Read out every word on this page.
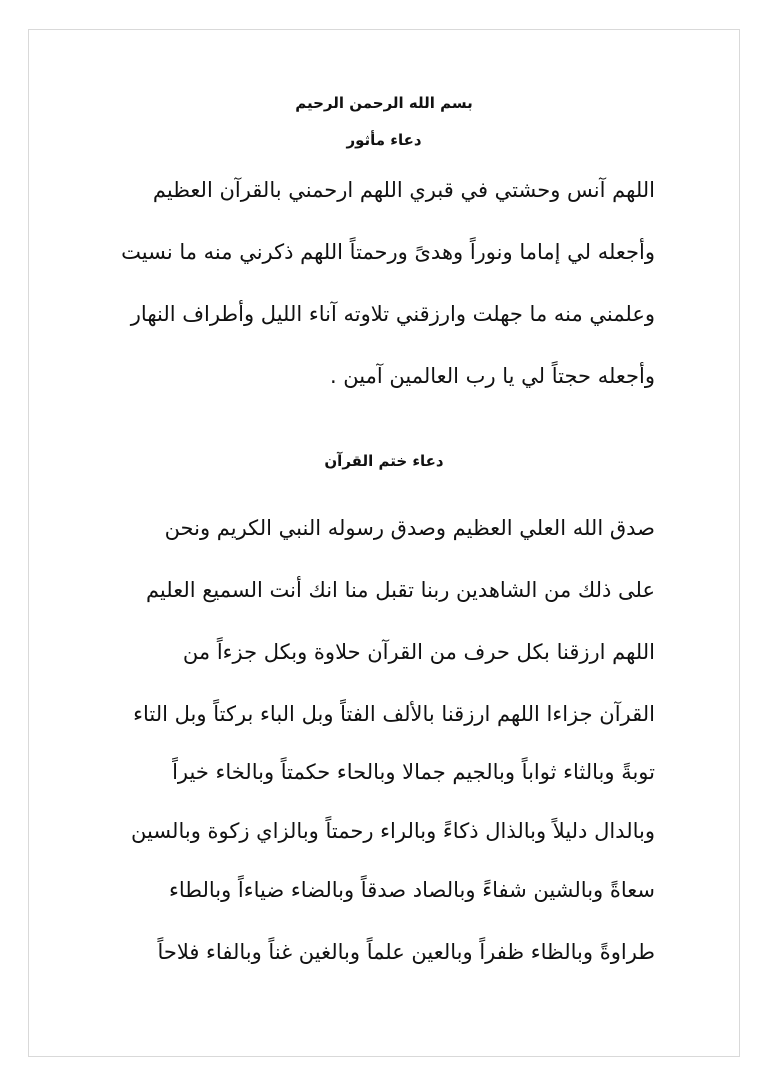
بسم الله الرحمن الرحيم
دعاء مأثور
اللهم آنس وحشتي في قبري اللهم ارحمني بالقرآن العظيم
وأجعله لي إماما ونوراً وهدىً ورحمتاً اللهم ذكرني منه ما نسيت
وعلمني منه ما جهلت وارزقني تلاوته آناء الليل وأطراف النهار
وأجعله حجتاً لي يا رب العالمين آمين .
دعاء ختم القرآن
صدق الله العلي العظيم وصدق رسوله النبي الكريم ونحن
على ذلك من الشاهدين ربنا تقبل منا انك أنت السميع العليم
اللهم ارزقنا بكل حرف من القرآن حلاوة وبكل جزءاً من
القرآن جزاءا اللهم ارزقنا بالألف الفتاً وبل الباء بركتاً وبل التاء
توبةً وبالثاء ثواباً وبالجيم جمالا وبالحاء حكمتاً وبالخاء خيراً
وبالدال دليلاً وبالذال ذكاءً وبالراء رحمتاً وبالزاي زكوة وبالسين
سعاةً وبالشين شفاءً وبالصاد صدقاً وبالضاء ضياءاً وبالطاء
طراوةً وبالظاء ظفراً وبالعين علماً وبالغين غناً وبالفاء فلاحاً
